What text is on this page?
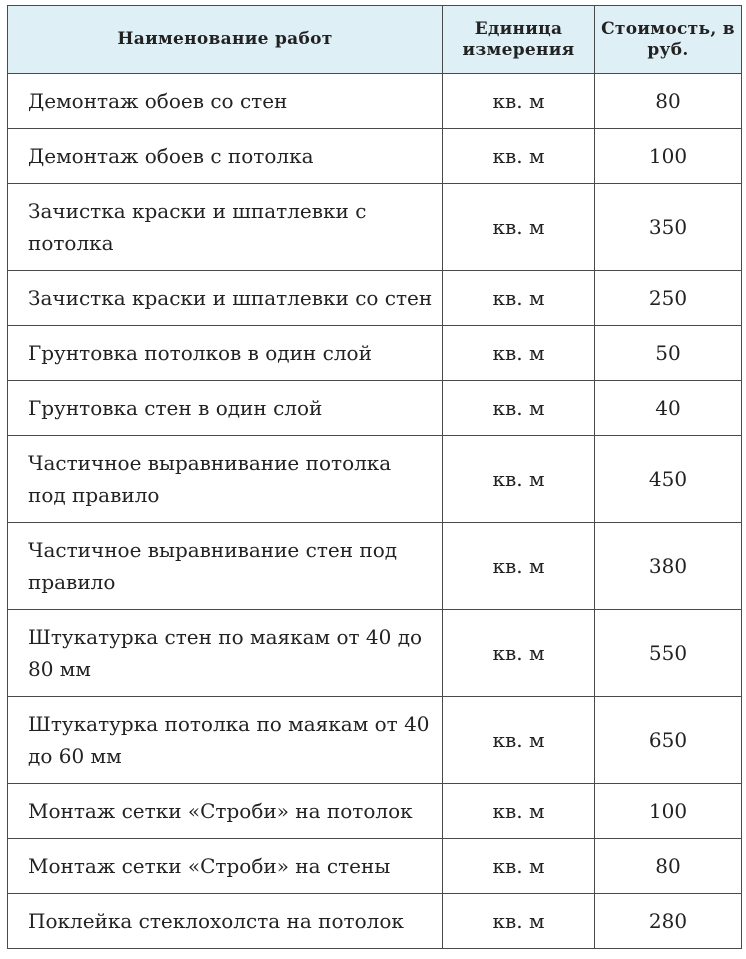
Наименование работ	Единица измерения	Стоимость, в руб.
Демонтаж обоев со стен	кв. м	80
Демонтаж обоев с потолка	кв. м	100
Зачистка краски и шпатлевки с потолка	кв. м	350
Зачистка краски и шпатлевки со стен	кв. м	250
Грунтовка потолков в один слой	кв. м	50
Грунтовка стен в один слой	кв. м	40
Частичное выравнивание потолка под правило	кв. м	450
Частичное выравнивание стен под правило	кв. м	380
Штукатурка стен по маякам от 40 до 80 мм	кв. м	550
Штукатурка потолка по маякам от 40 до 60 мм	кв. м	650
Монтаж сетки «Строби» на потолок	кв. м	100
Монтаж сетки «Строби» на стены	кв. м	80
Поклейка стеклохолста на потолок	кв. м	280
